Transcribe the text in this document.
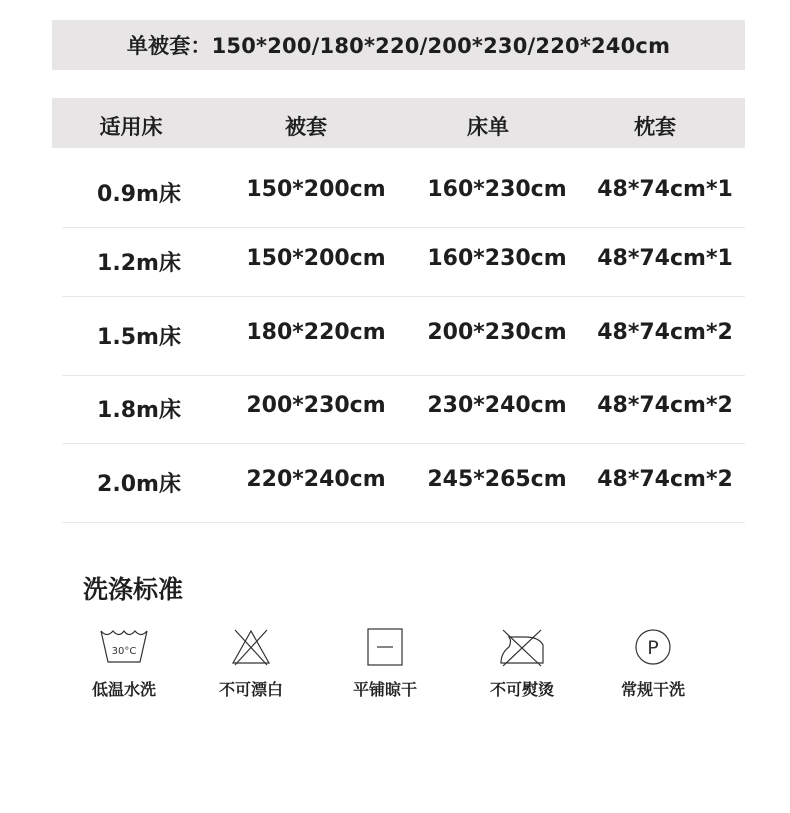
单被套：150*200/180*220/200*230/220*240cm
适用床	被套	床单	枕套
0.9m床	150*200cm 160*230cm 48*74cm*1
1.2m床	150*200cm 160*230cm 48*74cm*1
1.5m床	180*220cm 200*230cm 48*74cm*2
1.8m床	200*230cm 230*240cm 48*74cm*2
2.0m床	220*240cm 245*265cm 48*74cm*2
洗涤标准
30°C
低温水洗	不可漂白	平铺晾干	不可熨烫
P
常规干洗
